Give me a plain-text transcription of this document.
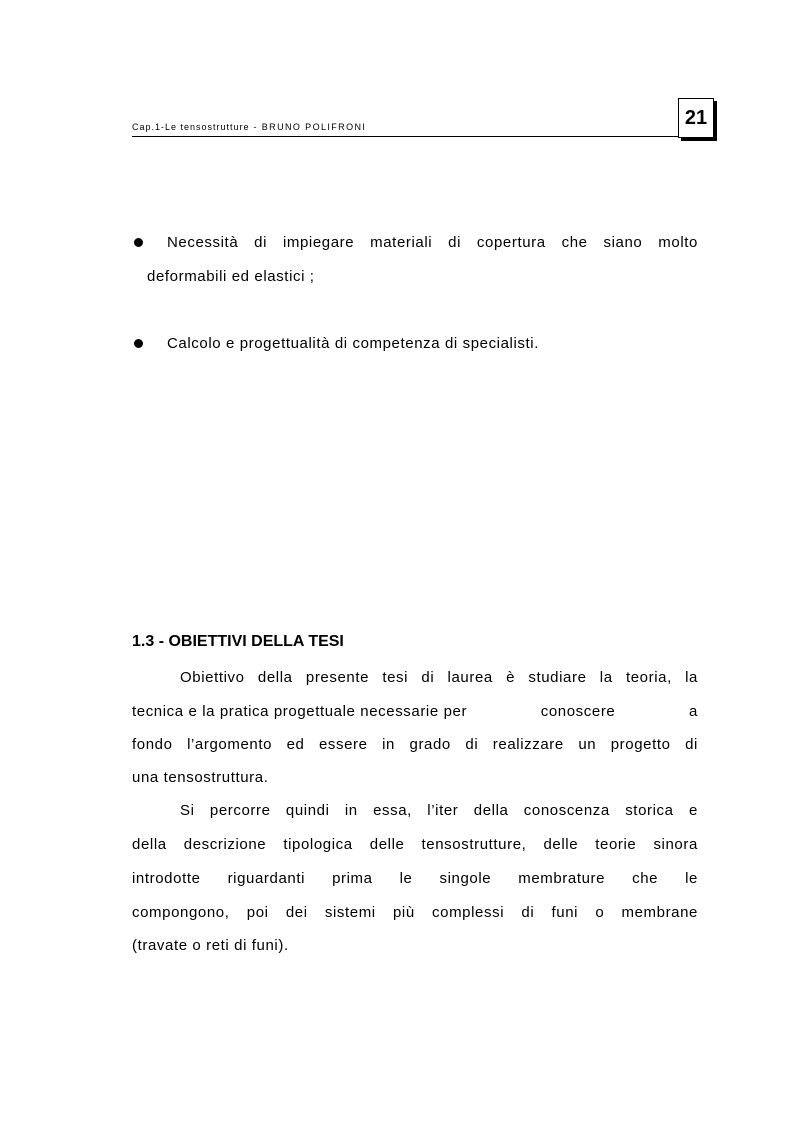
Cap.1-Le tensostrutture - BRUNO POLIFRONI	21
Necessità di impiegare materiali di copertura che siano molto
deformabili ed elastici ;
Calcolo e progettualità di competenza di specialisti.
1.3 - OBIETTIVI DELLA TESI
Obiettivo della presente tesi di laurea è studiare la teoria, la
tecnica e la pratica progettuale necessarie per	conoscere	a
fondo l’argomento ed essere in grado di realizzare un progetto di
una tensostruttura.
Si percorre quindi in essa, l’iter della conoscenza storica e
della descrizione tipologica delle tensostrutture, delle teorie sinora
introdotte riguardanti prima le singole membrature che le
compongono, poi dei sistemi più complessi di funi o membrane
(travate o reti di funi).
